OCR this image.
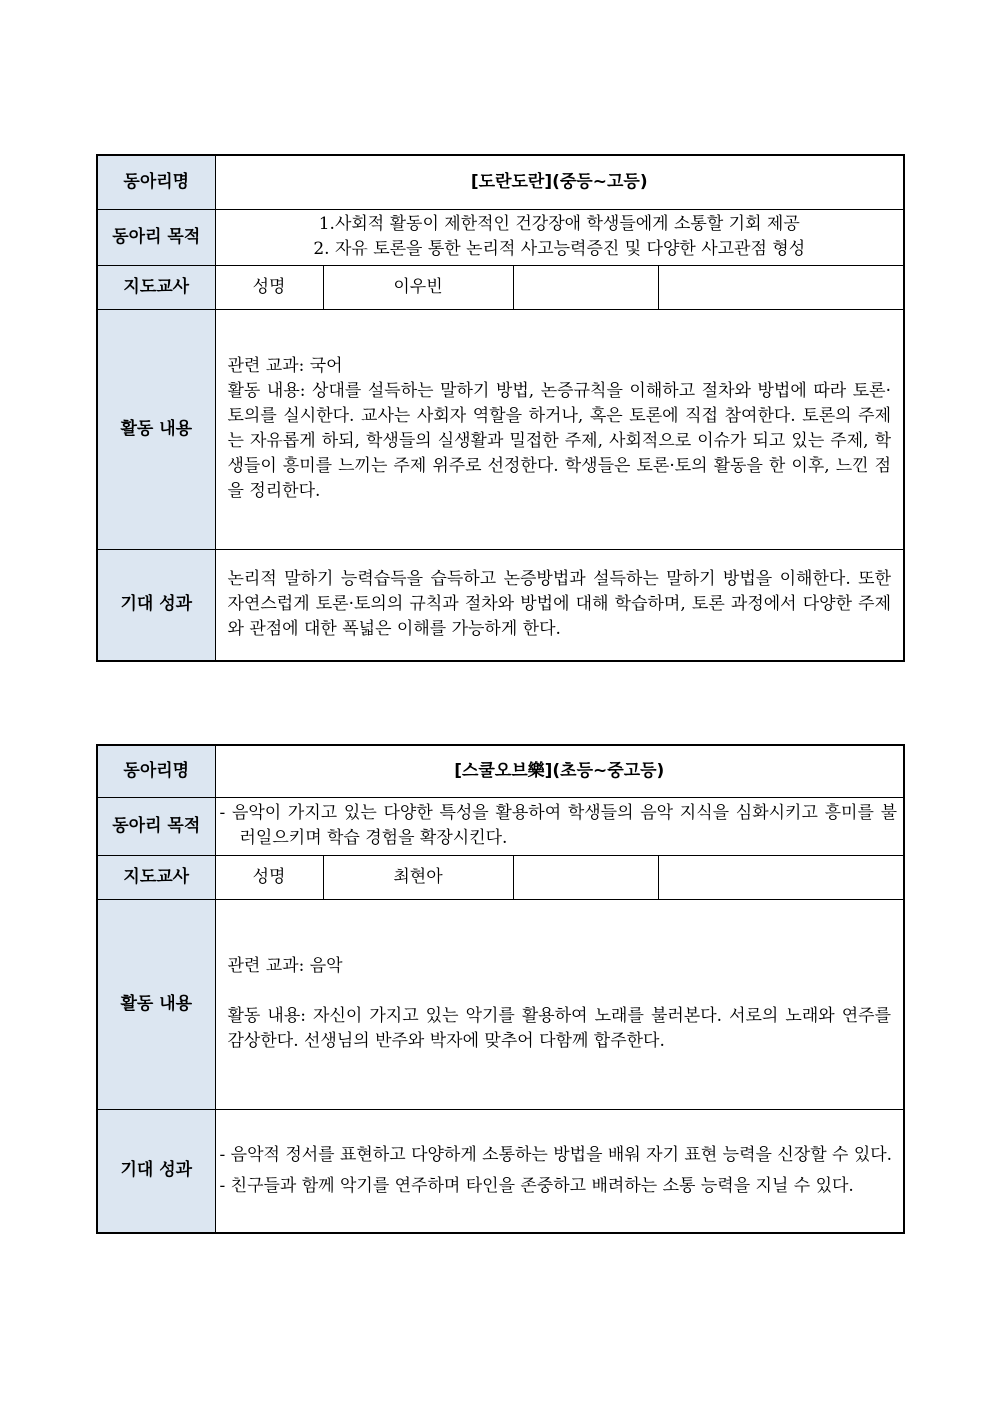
동아리명	[도란도란](중등~고등)			
동아리 목적	1.사회적 활동이 제한적인 건강장애 학생들에게 소통할 기회 제공
2. 자유 토론을 통한 논리적 사고능력증진 및 다양한 사고관점 형성			

지도교사	성명	이우빈		
활동 내용	관련 교과: 국어
활동 내용: 상대를 설득하는 말하기 방법, 논증규칙을 이해하고 절차와 방법에 따라 토론·토의를 실시한다. 교사는 사회자 역할을 하거나, 혹은 토론에 직접 참여한다. 토론의 주제는 자유롭게 하되, 학생들의 실생활과 밀접한 주제, 사회적으로 이슈가 되고 있는 주제, 학생들이 흥미를 느끼는 주제 위주로 선정한다. 학생들은 토론·토의 활동을 한 이후, 느낀 점을 정리한다.			

기대 성과	논리적 말하기 능력습득을 습득하고 논증방법과 설득하는 말하기 방법을 이해한다. 또한 자연스럽게 토론·토의의 규칙과 절차와 방법에 대해 학습하며, 토론 과정에서 다양한 주제와 관점에 대한 폭넓은 이해를 가능하게 한다.			
동아리명	[스쿨오브樂](초등~중고등)			
동아리 목적	- 음악이 가지고 있는 다양한 특성을 활용하여 학생들의 음악 지식을 심화시키고 흥미를 불러일으키며 학습 경험을 확장시킨다.			

지도교사	성명	최현아		
활동 내용	관련 교과: 음악
활동 내용: 자신이 가지고 있는 악기를 활용하여 노래를 불러본다. 서로의 노래와 연주를 감상한다. 선생님의 반주와 박자에 맞추어 다함께 합주한다.			

기대 성과	- 음악적 정서를 표현하고 다양하게 소통하는 방법을 배워 자기 표현 능력을 신장할 수 있다.
- 친구들과 함께 악기를 연주하며 타인을 존중하고 배려하는 소통 능력을 지닐 수 있다.			
